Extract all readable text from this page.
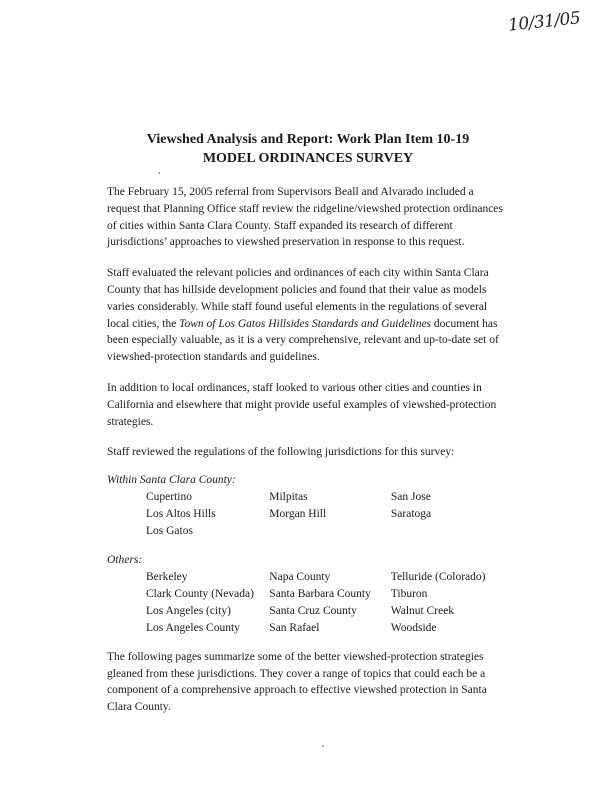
10/31/05
Viewshed Analysis and Report: Work Plan Item 10-19
MODEL ORDINANCES SURVEY

The February 15, 2005 referral from Supervisors Beall and Alvarado included a request that Planning Office staff review the ridgeline/viewshed protection ordinances of cities within Santa Clara County. Staff expanded its research of different jurisdictions’ approaches to viewshed preservation in response to this request.

Staff evaluated the relevant policies and ordinances of each city within Santa Clara County that has hillside development policies and found that their value as models varies considerably. While staff found useful elements in the regulations of several local cities, the Town of Los Gatos Hillsides Standards and Guidelines document has been especially valuable, as it is a very comprehensive, relevant and up-to-date set of viewshed-protection standards and guidelines.

In addition to local ordinances, staff looked to various other cities and counties in California and elsewhere that might provide useful examples of viewshed-protection strategies.

Staff reviewed the regulations of the following jurisdictions for this survey:

Within Santa Clara County:
Cupertino	Milpitas	San Jose
Los Altos Hills	Morgan Hill	Saratoga
Los Gatos		
Others:
Berkeley	Napa County	Telluride (Colorado)
Clark County (Nevada)	Santa Barbara County	Tiburon
Los Angeles (city)	Santa Cruz County	Walnut Creek
Los Angeles County	San Rafael	Woodside

The following pages summarize some of the better viewshed-protection strategies gleaned from these jurisdictions. They cover a range of topics that could each be a component of a comprehensive approach to effective viewshed protection in Santa Clara County.
